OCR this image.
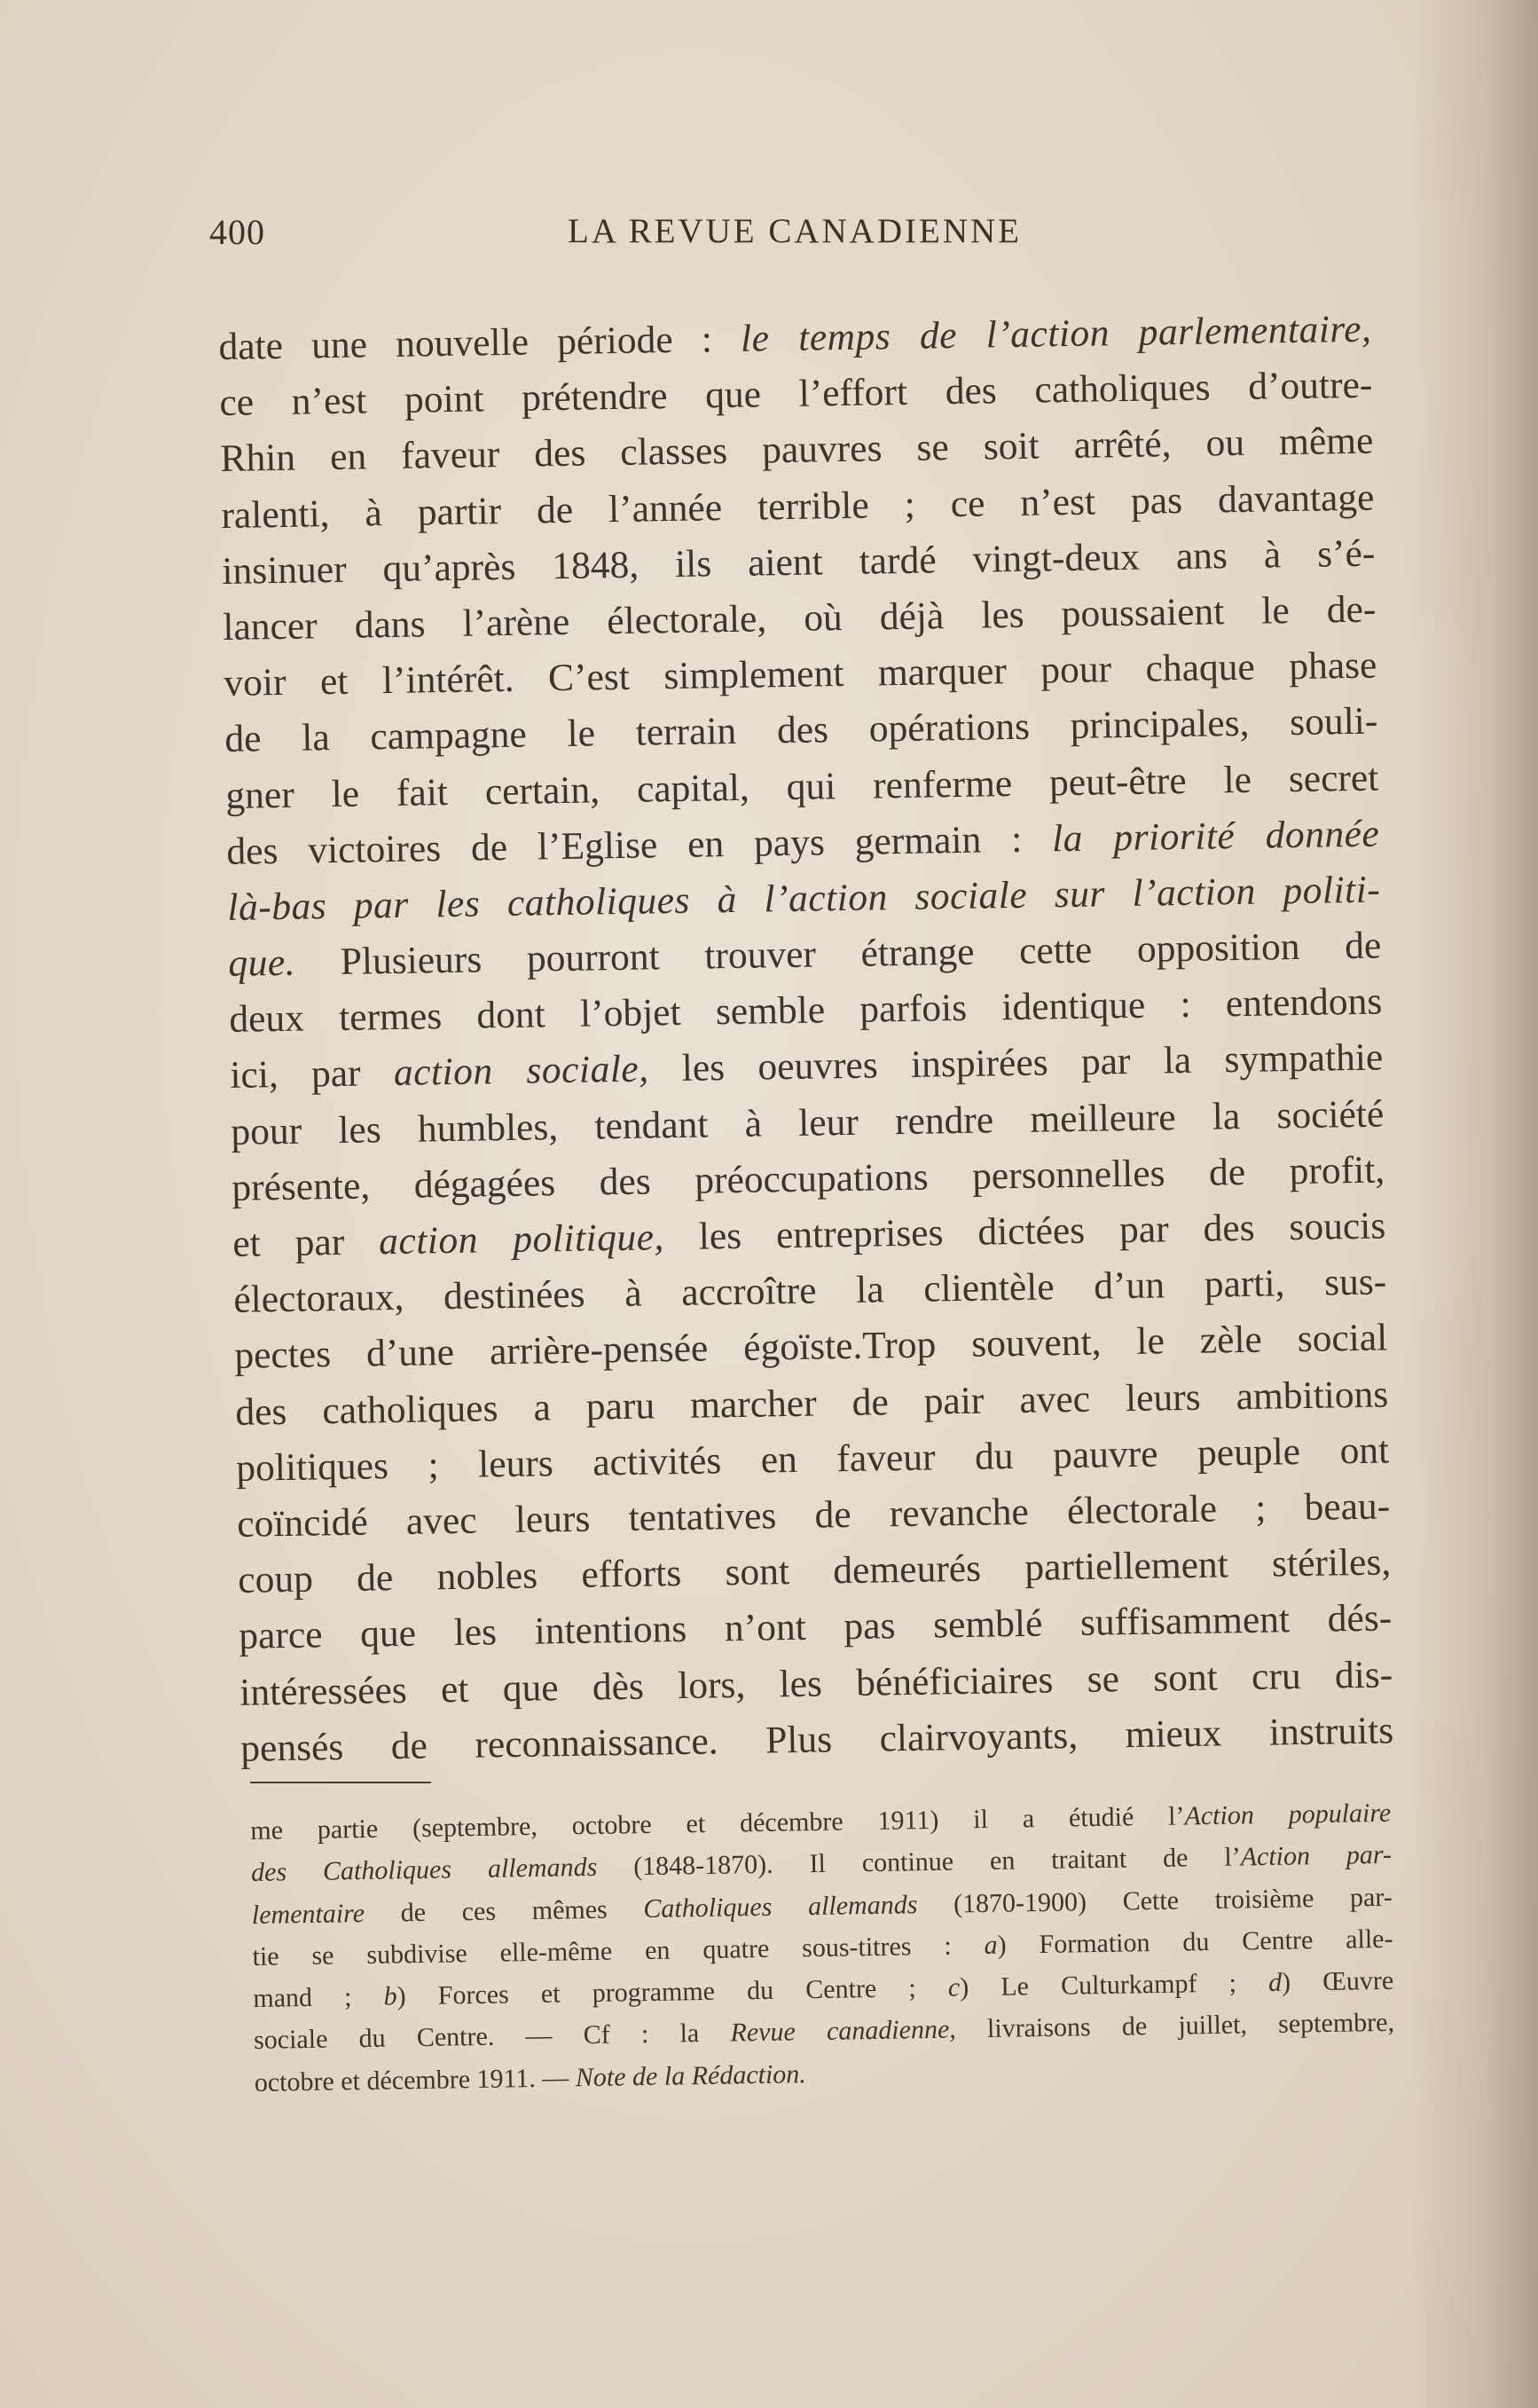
400	LA REVUE CANADIENNE
date une nouvelle période : le temps de l’action parlementaire,
ce n’est point prétendre que l’effort des catholiques d’outre-
Rhin en faveur des classes pauvres se soit arrêté, ou même
ralenti, à partir de l’année terrible ; ce n’est pas davantage
insinuer qu’après 1848, ils aient tardé vingt-deux ans à s’é-
lancer dans l’arène électorale, où déjà les poussaient le de-
voir et l’intérêt. C’est simplement marquer pour chaque phase
de la campagne le terrain des opérations principales, souli-
gner le fait certain, capital, qui renferme peut-être le secret
des victoires de l’Eglise en pays germain : la priorité donnée
là-bas par les catholiques à l’action sociale sur l’action politi-
que. Plusieurs pourront trouver étrange cette opposition de
deux termes dont l’objet semble parfois identique : entendons
ici, par action sociale, les oeuvres inspirées par la sympathie
pour les humbles, tendant à leur rendre meilleure la société
présente, dégagées des préoccupations personnelles de profit,
et par action politique, les entreprises dictées par des soucis
électoraux, destinées à accroître la clientèle d’un parti, sus-
pectes d’une arrière-pensée égoïste.Trop souvent, le zèle social
des catholiques a paru marcher de pair avec leurs ambitions
politiques ; leurs activités en faveur du pauvre peuple ont
coïncidé avec leurs tentatives de revanche électorale ; beau-
coup de nobles efforts sont demeurés partiellement stériles,
parce que les intentions n’ont pas semblé suffisamment dés-
intéressées et que dès lors, les bénéficiaires se sont cru dis-
pensés de reconnaissance. Plus clairvoyants, mieux instruits
me partie (septembre, octobre et décembre 1911) il a étudié l’Action populaire
des Catholiques allemands (1848-1870). Il continue en traitant de l’Action par-
lementaire de ces mêmes Catholiques allemands (1870-1900) Cette troisième par-
tie se subdivise elle-même en quatre sous-titres : a) Formation du Centre alle-
mand ; b) Forces et programme du Centre ; c) Le Culturkampf ; d) Œuvre
sociale du Centre. — Cf : la Revue canadienne, livraisons de juillet, septembre,
octobre et décembre 1911. — Note de la Rédaction.
